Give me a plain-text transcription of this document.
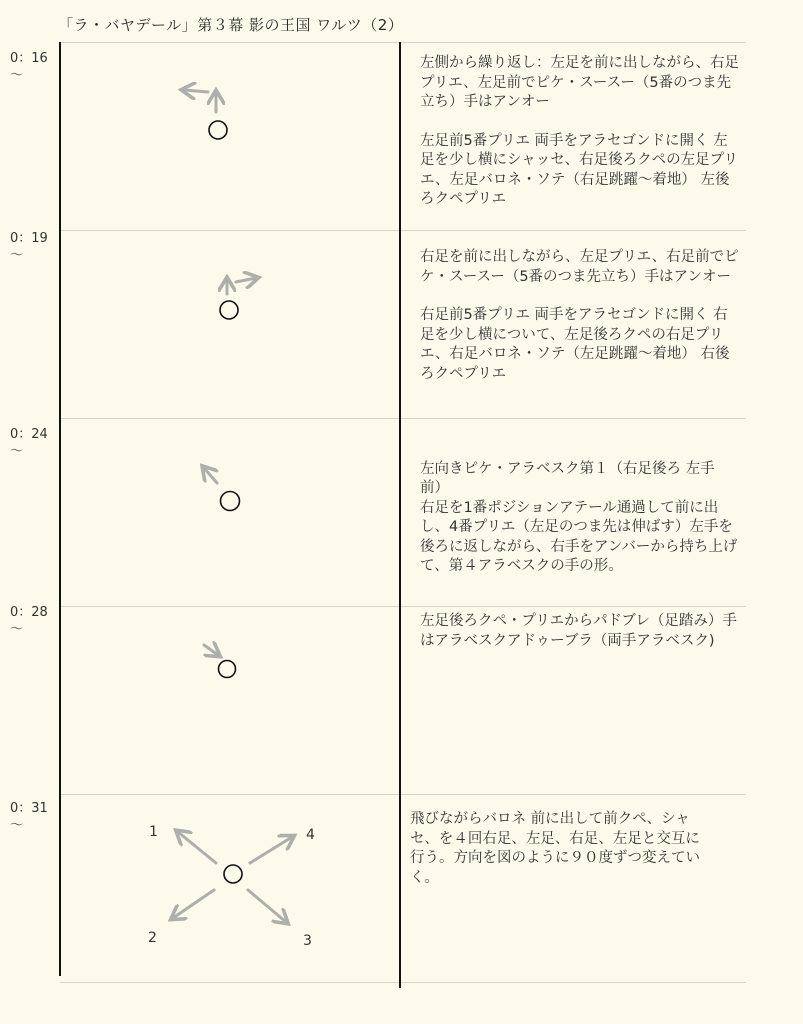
「ラ・バヤデール」第３幕 影の王国 ワルツ（2）
0：16
〜
0：19
〜
0：24
〜
0：28
〜
0：31
〜

左側から繰り返し：左足を前に出しながら、右足プリエ、左足前でピケ・スースー（5番のつま先立ち）手はアンオー

左足前5番プリエ 両手をアラセゴンドに開く 左足を少し横にシャッセ、右足後ろクペの左足プリエ、左足バロネ・ソテ（右足跳躍〜着地） 左後ろクペプリエ

右足を前に出しながら、左足プリエ、右足前でピケ・スースー（5番のつま先立ち）手はアンオー

右足前5番プリエ 両手をアラセゴンドに開く 右足を少し横について、左足後ろクペの右足プリエ、右足バロネ・ソテ（左足跳躍〜着地） 右後ろクペプリエ

左向きピケ・アラベスク第１（右足後ろ 左手前）
右足を1番ポジションアテール通過して前に出し、4番プリエ（左足のつま先は伸ばす）左手を後ろに返しながら、右手をアンバーから持ち上げて、第４アラベスクの手の形。

左足後ろクペ・プリエからパドブレ（足踏み）手はアラベスクアドゥーブラ（両手アラベスク)

飛びながらバロネ 前に出して前クペ、シャセ、を４回右足、左足、右足、左足と交互に行う。方向を図のように９０度ずつ変えていく。

1
2	3
4
